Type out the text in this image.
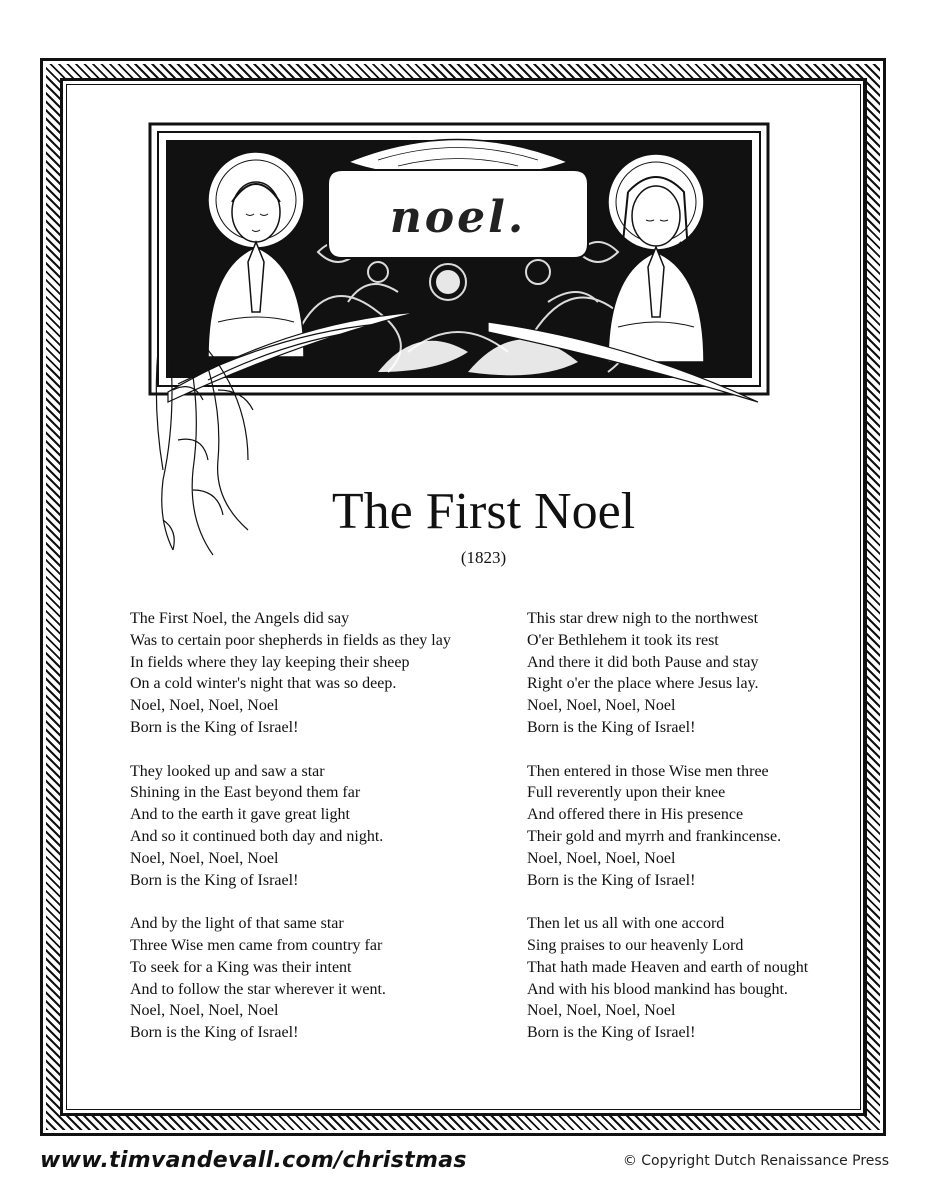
noel.
The First Noel
(1823)
The First Noel, the Angels did say
Was to certain poor shepherds in fields as they lay
In fields where they lay keeping their sheep
On a cold winter's night that was so deep.
Noel, Noel, Noel, Noel
Born is the King of Israel!
They looked up and saw a star
Shining in the East beyond them far
And to the earth it gave great light
And so it continued both day and night.
Noel, Noel, Noel, Noel
Born is the King of Israel!
And by the light of that same star
Three Wise men came from country far
To seek for a King was their intent
And to follow the star wherever it went.
Noel, Noel, Noel, Noel
Born is the King of Israel!
This star drew nigh to the northwest
O'er Bethlehem it took its rest
And there it did both Pause and stay
Right o'er the place where Jesus lay.
Noel, Noel, Noel, Noel
Born is the King of Israel!
Then entered in those Wise men three
Full reverently upon their knee
And offered there in His presence
Their gold and myrrh and frankincense.
Noel, Noel, Noel, Noel
Born is the King of Israel!
Then let us all with one accord
Sing praises to our heavenly Lord
That hath made Heaven and earth of nought
And with his blood mankind has bought.
Noel, Noel, Noel, Noel
Born is the King of Israel!
www.timvandevall.com/christmas	© Copyright Dutch Renaissance Press
